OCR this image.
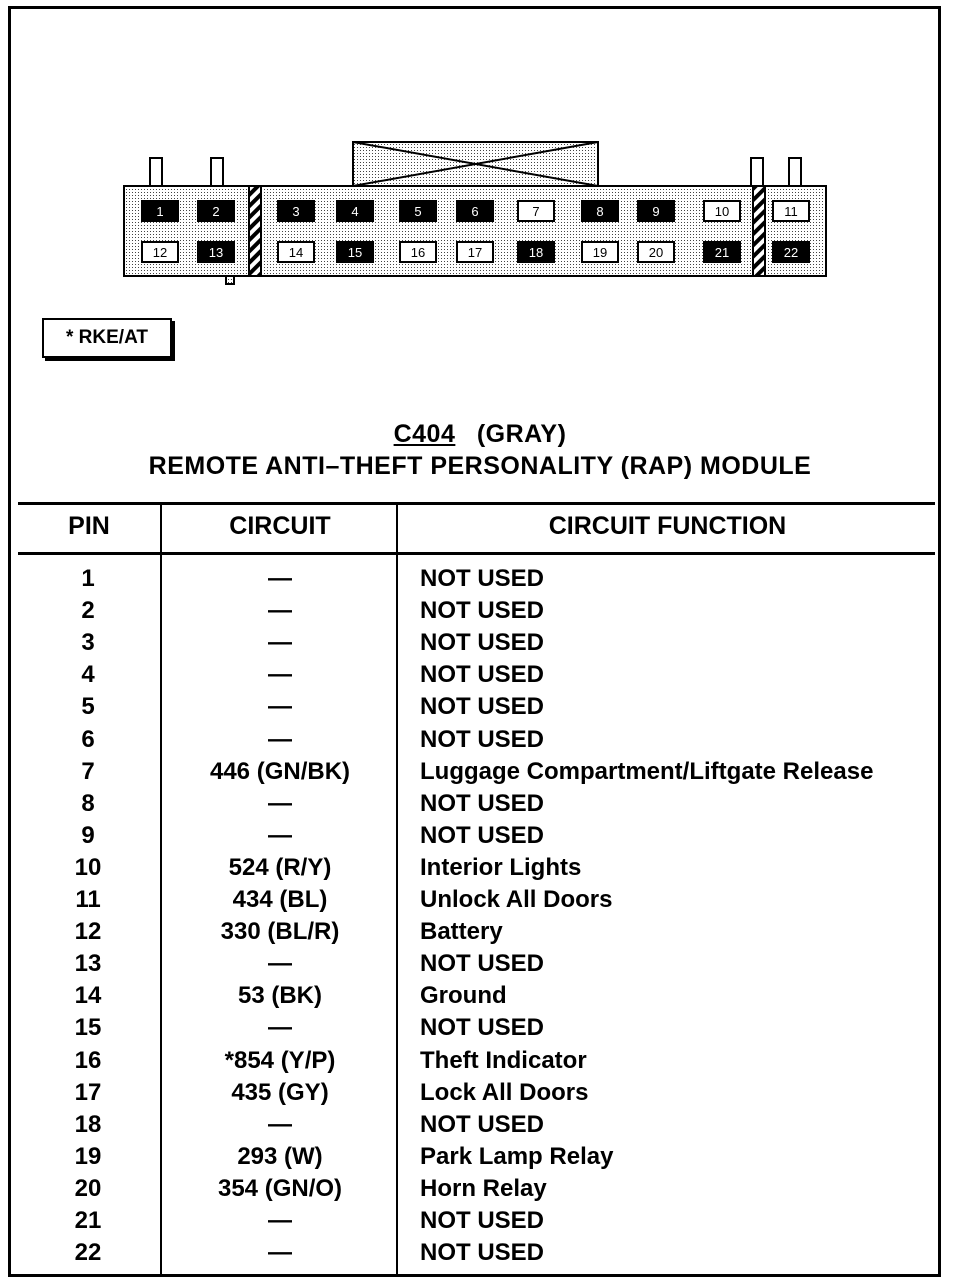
1	2	3	4	5	6	7	8	9	10	11
12	13	14	15	16	17	18	19	20	21	22
* RKE/AT
C404 (GRAY)
REMOTE ANTI–THEFT PERSONALITY (RAP) MODULE
PIN	CIRCUIT	CIRCUIT FUNCTION
1	—	NOT USED
2	—	NOT USED
3	—	NOT USED
4	—	NOT USED
5	—	NOT USED
6	—	NOT USED
7	446 (GN/BK)	Luggage Compartment/Liftgate Release
8	—	NOT USED
9	—	NOT USED
10	524 (R/Y)	Interior Lights
11	434 (BL)	Unlock All Doors
12	330 (BL/R)	Battery
13	—	NOT USED
14	53 (BK)	Ground
15	—	NOT USED
16	*854 (Y/P)	Theft Indicator
17	435 (GY)	Lock All Doors
18	—	NOT USED
19	293 (W)	Park Lamp Relay
20	354 (GN/O)	Horn Relay
21	—	NOT USED
22	—	NOT USED
